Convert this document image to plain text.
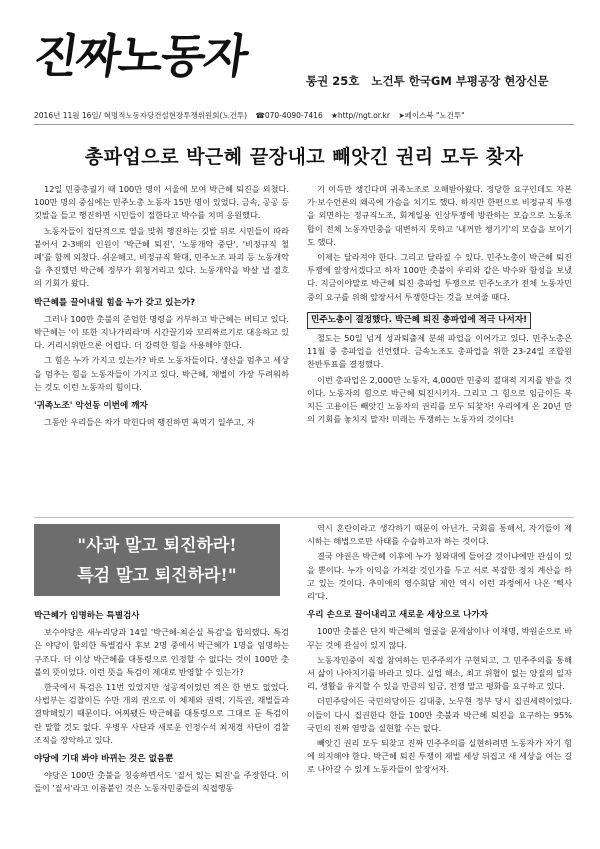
진짜노동자	통권 25호 노건투 한국GM 부평공장 현장신문
2016년 11월 16일/ 혁명적노동자당건설현장투쟁위원회(노건투) ☎070-4090-7416 ★http//ngt.or.kr ➤페이스북 "노건투"
총파업으로 박근혜 끝장내고 빼앗긴 권리 모두 찾자

12일 민중총궐기 때 100만 명이 서울에 모여 박근혜 퇴진을 외쳤다. 100만 명의 중심에는 민주노총 노동자 15만 명이 있었다. 금속, 공공 등 깃발을 들고 행진하면 시민들이 절한다고 박수를 치며 응원했다.

노동자들이 집단적으로 열을 맞춰 행진하는 깃발 뒤로 시민들이 따라 붙어서 2-3배의 인원이 '박근혜 퇴진', '노동개악 중단', '비정규직 철폐'를 함께 외쳤다. 쉬운해고, 비정규직 확대, 민주노조 파괴 등 노동개악을 추진했던 박근혜 정부가 휘청거리고 있다. 노동개악을 박살 낼 절호의 기회가 왔다.

박근혜를 끌어내릴 힘을 누가 갖고 있는가?

그러나 100만 촛불의 준엄한 명령을 거부하고 박근혜는 버티고 있다. 박근혜는 '이 또한 지나가리라'며 시간끌기와 꼬리짜르기로 대응하고 있다. 거리시위만으론 어렵다. 더 강력한 힘을 사용해야 한다.

그 힘은 누가 가지고 있는가? 바로 노동자들이다. 생산을 멈추고 세상을 멈추는 힘을 노동자들이 가지고 있다. 박근혜, 재벌이 가장 두려워하는 것도 이런 노동자의 힘이다.

'귀족노조' 악선동 이번에 깨자

그동안 우리들은 차가 막힌다며 행진하면 욕먹기 일쑤고, 자

기 이득만 챙긴다며 귀족노조로 오해받아왔다. 정당한 요구인데도 자본가·보수언론의 왜곡에 가슴을 치기도 했다. 하지만 한편으로 비정규직 투쟁을 외면하는 정규직노조, 회계일용 인상투쟁에 방관하는 모습으로 노동조합이 전체 노동자민중을 대변하지 못하고 '내꺼만 챙기기'의 모습을 보이기도 했다.

이제는 달라져야 한다. 그리고 달라질 수 있다. 민주노총이 박근혜 퇴진 투쟁에 앞장서겠다고 하자 100만 촛불이 우리와 같은 박수와 함성을 보냈다. 지금이야말로 박근혜 퇴진 총파업 투쟁으로 민주노조가 전체 노동자민중의 요구를 위해 앞장서서 투쟁한다는 것을 보여줄 때다.

민주노총이 결정했다. 박근혜 퇴진 총파업에 적극 나서자!

철도는 50일 넘게 성과퇴출제 분쇄 파업을 이어가고 있다. 민주노총은 11월 중 총파업을 선언했다. 금속노조도 총파업을 위한 23-24일 조합원 찬반투표를 결정했다.

이번 총파업은 2,000만 노동자, 4,000만 민중의 절대적 지지를 받을 것이다. 노동자의 힘으로 박근혜 퇴진시키자. 그리고 그 힘으로 임금이든 복지든 고용이든 빼앗긴 노동자의 권리를 모두 되찾자! 우리에게 온 20년 만의 기회를 놓치지 말자! 미래는 투쟁하는 노동자의 것이다!

"사과 말고 퇴진하라!
특검 말고 퇴진하라!"
박근혜가 임명하는 특별검사

보수야당은 새누리당과 14일 '박근혜-최순실 특검'을 합의했다. 특검은 야당이 합의한 특별검사 후보 2명 중에서 박근혜가 1명을 임명하는 구조다. 더 이상 박근혜를 대통령으로 인정할 수 없다는 것이 100만 촛불의 뜻이었다. 이런 뜻을 특검이 제대로 반영할 수 있는가?

한국에서 특검은 11번 있었지만 성공적이었던 적은 한 번도 없었다. 사법부는 검찰이든 수만 개의 권으로 이 체제와 권력, 기득권, 재벌들과 결탁해있기 때문이다. 어찌됐든 박근혜를 대통령으로 그대로 둔 특검이란 말할 것도 없다. 우병우 사단과 새로운 인정수석 최재경 사단이 검찰 조직을 장악하고 있다.

야당에 기대 봐야 바뀌는 것은 없음뿐

야당은 100만 촛불을 칭송하면서도 '질서 있는 퇴진'을 주장한다. 이들이 '질서'라고 이름붙인 것은 노동자민중들의 직접행동

역시 혼란이라고 생각하기 때문이 아닌가. 국회를 통해서, 자기들이 제시하는 해법으로만 사태를 수습하고자 하는 것이다.

결국 야권은 박근혜 이후에 누가 청와대에 들어갈 것이냐에만 관심이 있을 뿐이다. 누가 이익을 가져갈 것인가를 두고 서로 복잡한 정치 계산을 하고 있는 것이다. 추미애의 영수회담 제안 역시 이런 과정에서 나온 '삑사리'다.

우리 손으로 끌어내리고 새로운 세상으로 나가자

100만 촛불은 단지 박근혜의 얼굴을 문제삼이나 이재명, 박원순으로 바꾸는 것에 관심이 있지 않다.

노동자민중이 직접 참여하는 민주주의가 구현되고, 그 민주주의를 통해서 삶이 나아지기를 바라고 있다. 실업 해소, 최고 위협이 없는 양질의 일자리, 생활을 유지할 수 있을 만큼의 임금, 전쟁 말고 평화를 요구하고 있다.

더민주당이든 국민의당이든 김대중, 노무현 정부 당시 집권세력이었다. 이들이 다시 집권한다 한들 100만 촛불과 박근혜 퇴진을 요구하는 95% 국민의 진짜 염망을 실현할 수는 없다.

빼앗긴 권리 모두 되찾고 진짜 민주주의를 실현하려면 노동자가 자기 힘에 의지해야 한다. 박근혜 퇴진 투쟁이 재벌 세상 뒤집고 새 세상을 여는 길로 나아갈 수 있게 노동자들이 앞장서자.
